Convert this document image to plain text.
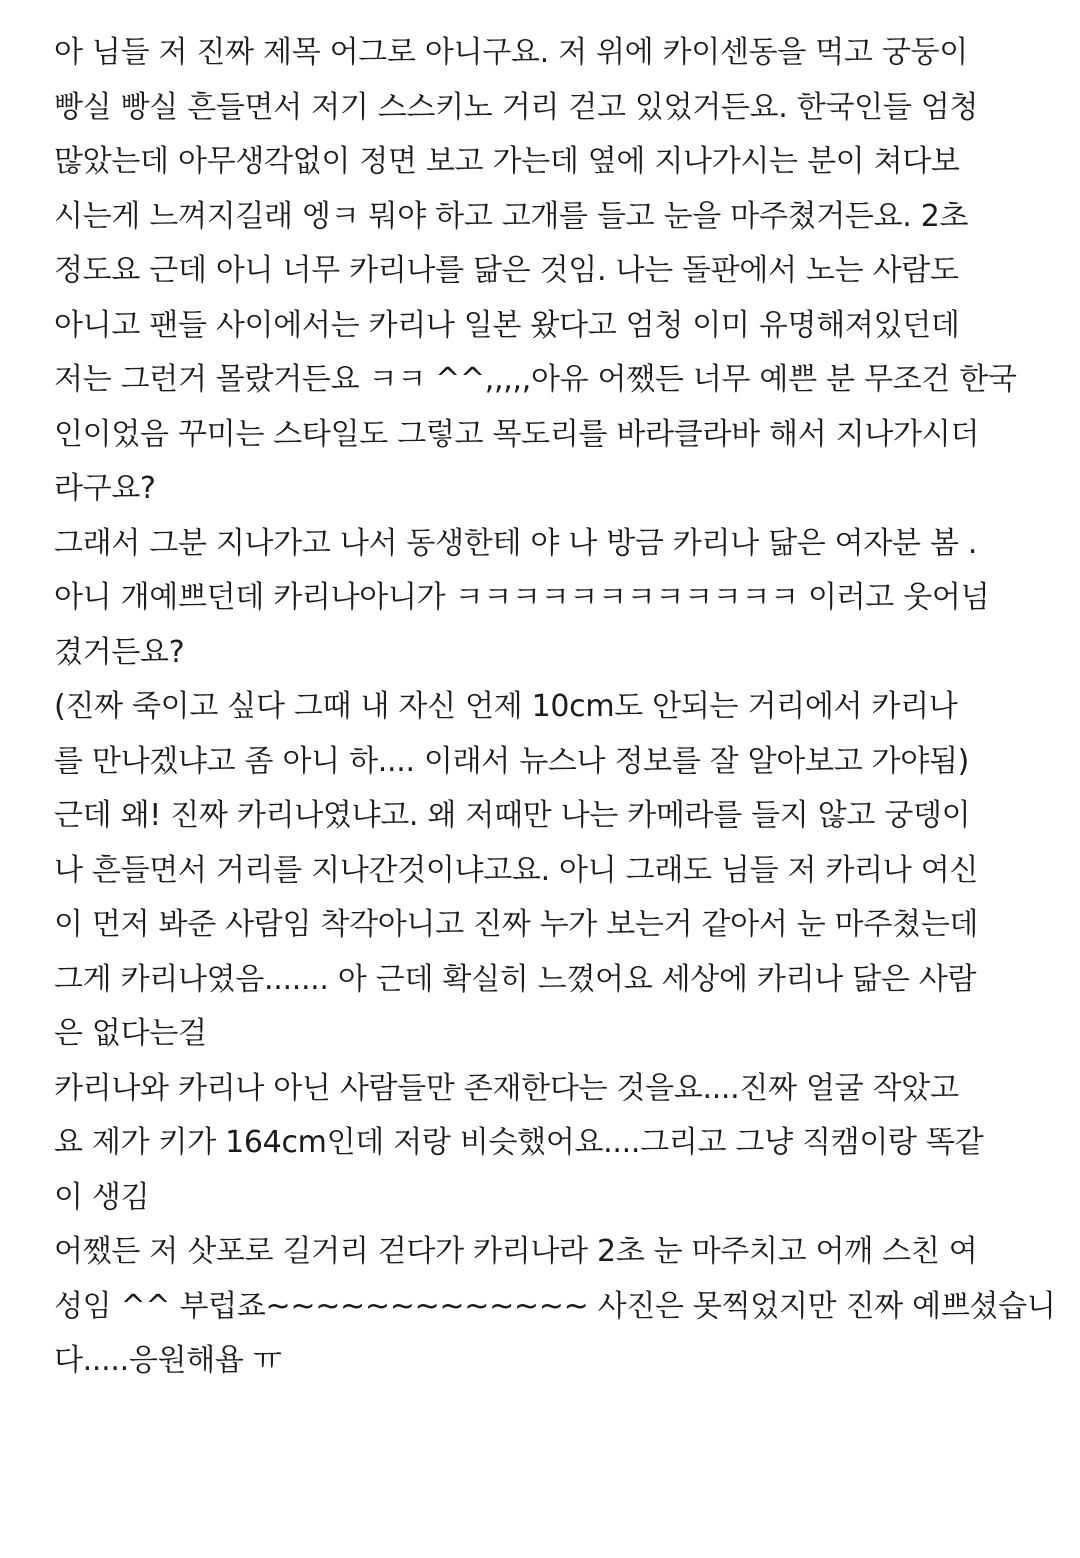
아 님들 저 진짜 제목 어그로 아니구요. 저 위에 카이센동을 먹고 궁둥이
빵실 빵실 흔들면서 저기 스스키노 거리 걷고 있었거든요. 한국인들 엄청
많았는데 아무생각없이 정면 보고 가는데 옆에 지나가시는 분이 쳐다보
시는게 느껴지길래 엥ㅋ 뭐야 하고 고개를 들고 눈을 마주쳤거든요. 2초
정도요 근데 아니 너무 카리나를 닮은 것임. 나는 돌판에서 노는 사람도
아니고 팬들 사이에서는 카리나 일본 왔다고 엄청 이미 유명해져있던데
저는 그런거 몰랐거든요 ㅋㅋ ^^,,,,,아유 어쨌든 너무 예쁜 분 무조건 한국
인이었음 꾸미는 스타일도 그렇고 목도리를 바라클라바 해서 지나가시더
라구요?
그래서 그분 지나가고 나서 동생한테 야 나 방금 카리나 닮은 여자분 봄 .
아니 개예쁘던데 카리나아니가 ㅋㅋㅋㅋㅋㅋㅋㅋㅋㅋㅋㅋ 이러고 웃어넘
겼거든요?
(진짜 죽이고 싶다 그때 내 자신 언제 10cm도 안되는 거리에서 카리나
를 만나겠냐고 좀 아니 하.... 이래서 뉴스나 정보를 잘 알아보고 가야됨)
근데 왜! 진짜 카리나였냐고. 왜 저때만 나는 카메라를 들지 않고 궁뎅이
나 흔들면서 거리를 지나간것이냐고요. 아니 그래도 님들 저 카리나 여신
이 먼저 봐준 사람임 착각아니고 진짜 누가 보는거 같아서 눈 마주쳤는데
그게 카리나였음....... 아 근데 확실히 느꼈어요 세상에 카리나 닮은 사람
은 없다는걸
카리나와 카리나 아닌 사람들만 존재한다는 것을요....진짜 얼굴 작았고
요 제가 키가 164cm인데 저랑 비슷했어요....그리고 그냥 직캠이랑 똑같
이 생김
어쨌든 저 삿포로 길거리 걷다가 카리나라 2초 눈 마주치고 어깨 스친 여
성임 ^^ 부럽죠~~~~~~~~~~~~~ 사진은 못찍었지만 진짜 예쁘셨습니
다.....응원해욥 ㅠ
